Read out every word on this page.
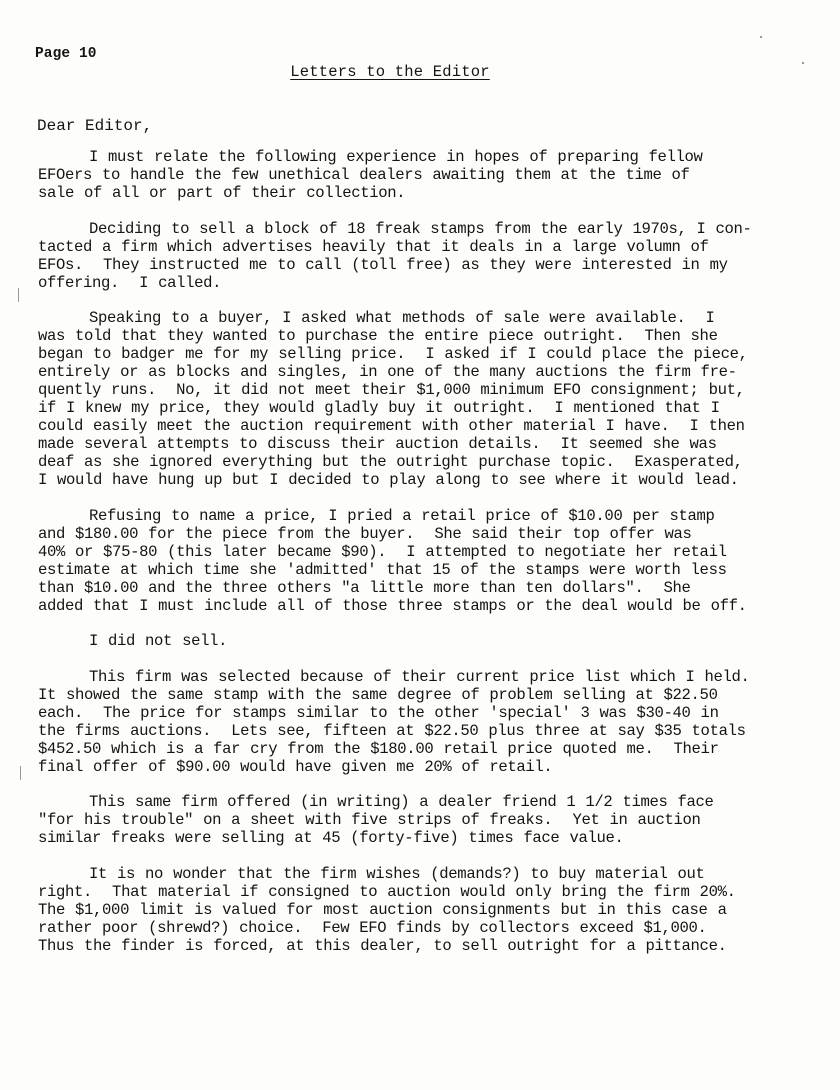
Page 10
Letters to the Editor
Dear Editor,
I must relate the following experience in hopes of preparing fellow
EFOers to handle the few unethical dealers awaiting them at the time of
sale of all or part of their collection.
Deciding to sell a block of 18 freak stamps from the early 1970s, I con-
tacted a firm which advertises heavily that it deals in a large volumn of
EFOs.  They instructed me to call (toll free) as they were interested in my
offering.  I called.
Speaking to a buyer, I asked what methods of sale were available.  I
was told that they wanted to purchase the entire piece outright.  Then she
began to badger me for my selling price.  I asked if I could place the piece,
entirely or as blocks and singles, in one of the many auctions the firm fre-
quently runs.  No, it did not meet their $1,000 minimum EFO consignment; but,
if I knew my price, they would gladly buy it outright.  I mentioned that I
could easily meet the auction requirement with other material I have.  I then
made several attempts to discuss their auction details.  It seemed she was
deaf as she ignored everything but the outright purchase topic.  Exasperated,
I would have hung up but I decided to play along to see where it would lead.
Refusing to name a price, I pried a retail price of $10.00 per stamp
and $180.00 for the piece from the buyer.  She said their top offer was
40% or $75-80 (this later became $90).  I attempted to negotiate her retail
estimate at which time she 'admitted' that 15 of the stamps were worth less
than $10.00 and the three others "a little more than ten dollars".  She
added that I must include all of those three stamps or the deal would be off.
I did not sell.
This firm was selected because of their current price list which I held.
It showed the same stamp with the same degree of problem selling at $22.50
each.  The price for stamps similar to the other 'special' 3 was $30-40 in
the firms auctions.  Lets see, fifteen at $22.50 plus three at say $35 totals
$452.50 which is a far cry from the $180.00 retail price quoted me.  Their
final offer of $90.00 would have given me 20% of retail.
This same firm offered (in writing) a dealer friend 1 1/2 times face
"for his trouble" on a sheet with five strips of freaks.  Yet in auction
similar freaks were selling at 45 (forty-five) times face value.
It is no wonder that the firm wishes (demands?) to buy material out
right.  That material if consigned to auction would only bring the firm 20%.
The $1,000 limit is valued for most auction consignments but in this case a
rather poor (shrewd?) choice.  Few EFO finds by collectors exceed $1,000.
Thus the finder is forced, at this dealer, to sell outright for a pittance.
